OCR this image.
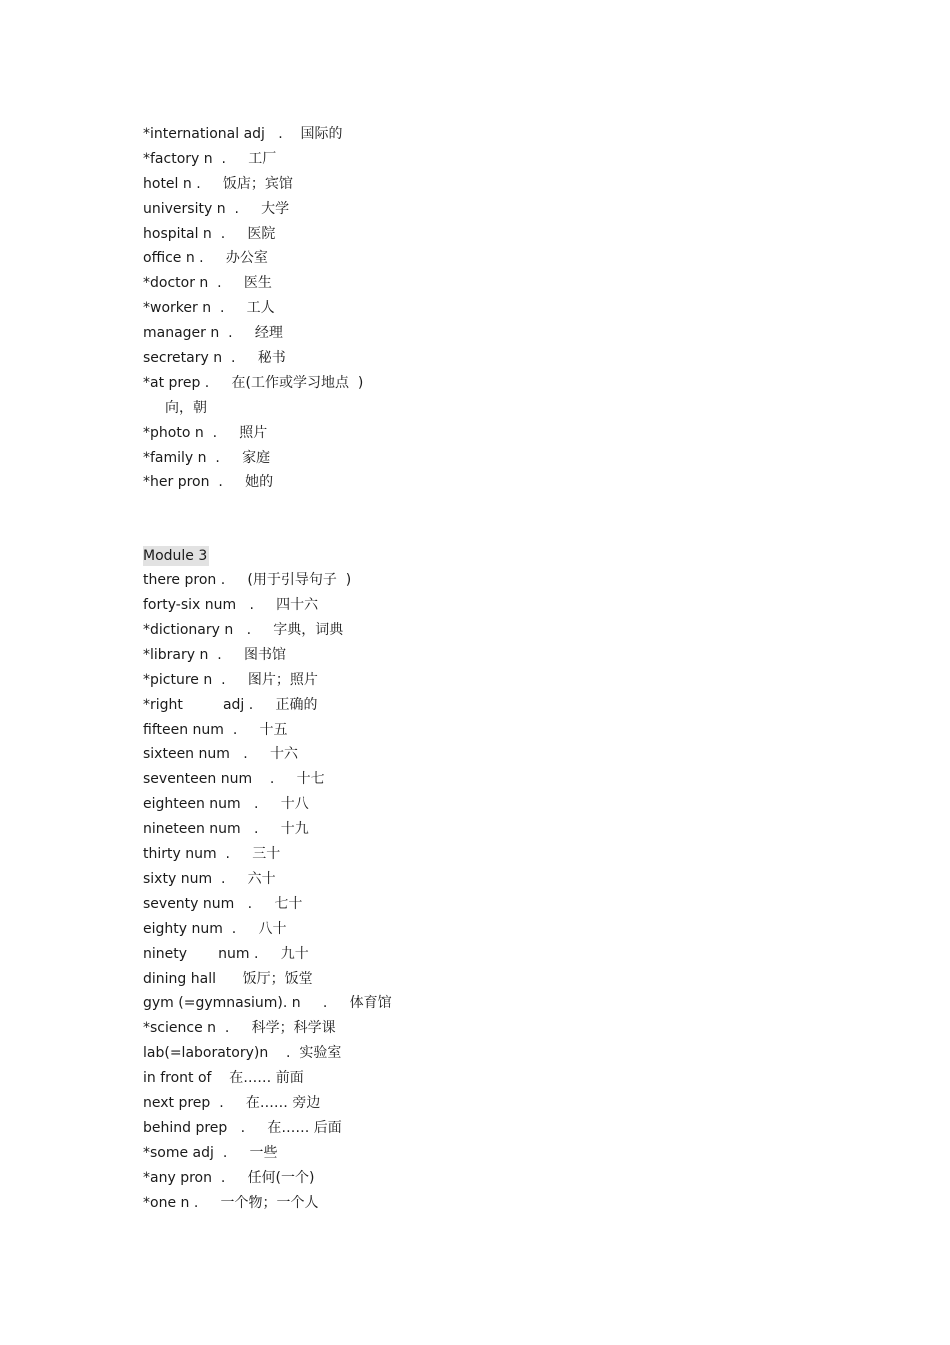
*international adj   .    国际的
*factory n  .     工厂
hotel n .     饭店；宾馆
university n  .     大学
hospital n  .     医院
office n .     办公室
*doctor n  .     医生
*worker n  .     工人
manager n  .     经理
secretary n  .     秘书
*at prep .     在(工作或学习地点  )
向，朝
*photo n  .     照片
*family n  .     家庭
*her pron  .     她的
Module 3
there pron .     (用于引导句子  )
forty-six num   .     四十六
*dictionary n   .     字典，词典
*library n  .     图书馆
*picture n  .     图片；照片
*right         adj .     正确的
fifteen num  .     十五
sixteen num   .     十六
seventeen num    .     十七
eighteen num   .     十八
nineteen num   .     十九
thirty num  .     三十
sixty num  .     六十
seventy num   .     七十
eighty num  .     八十
ninety       num .     九十
dining hall      饭厅；饭堂
gym (=gymnasium). n     .     体育馆
*science n  .     科学；科学课
lab(=laboratory)n    .  实验室
in front of    在…… 前面
next prep  .     在…… 旁边
behind prep   .     在…… 后面
*some adj  .     一些
*any pron  .     任何(一个)
*one n .     一个物；一个人
